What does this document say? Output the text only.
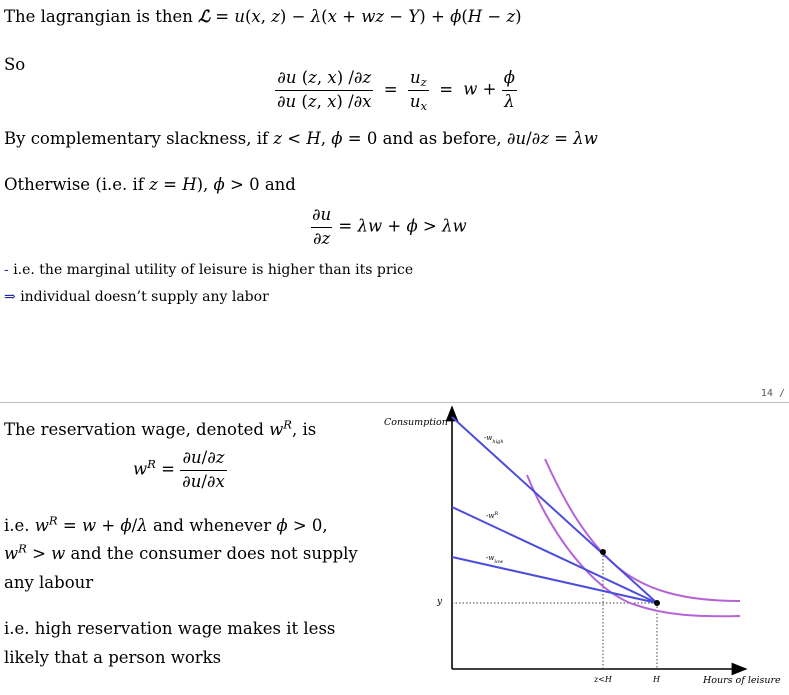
The lagrangian is then ℒ = u(x, z) − λ(x + wz − Y) + ϕ(H − z)
So
$\frac{\partial u (z, x) /\partial z}{\partial u (z, x) /\partial x} = \frac{u_z}{u_x} = w + \frac{\phi}{\lambda}$
By complementary slackness, if z < H, ϕ = 0 and as before, ∂u/∂z = λw
Otherwise (i.e. if z = H), ϕ > 0 and
$\frac{\partial u}{\partial z} = \lambda w + \phi > \lambda w$
- i.e. the marginal utility of leisure is higher than its price
⇒ individual doesn’t supply any labor
14 /
The reservation wage, denoted $w^R$, is
$w^R = \frac{\partial u/\partial z}{\partial u/\partial x}$
i.e. $w^R = w + \phi/\lambda$ and whenever ϕ > 0,
$w^R > w$ and the consumer does not supply
any labour
i.e. high reservation wage makes it less
likely that a person works
Consumption
Hours of leisure
y
z<H	H
$-w_{high}$
$-w^R$
$-w_{low}$
